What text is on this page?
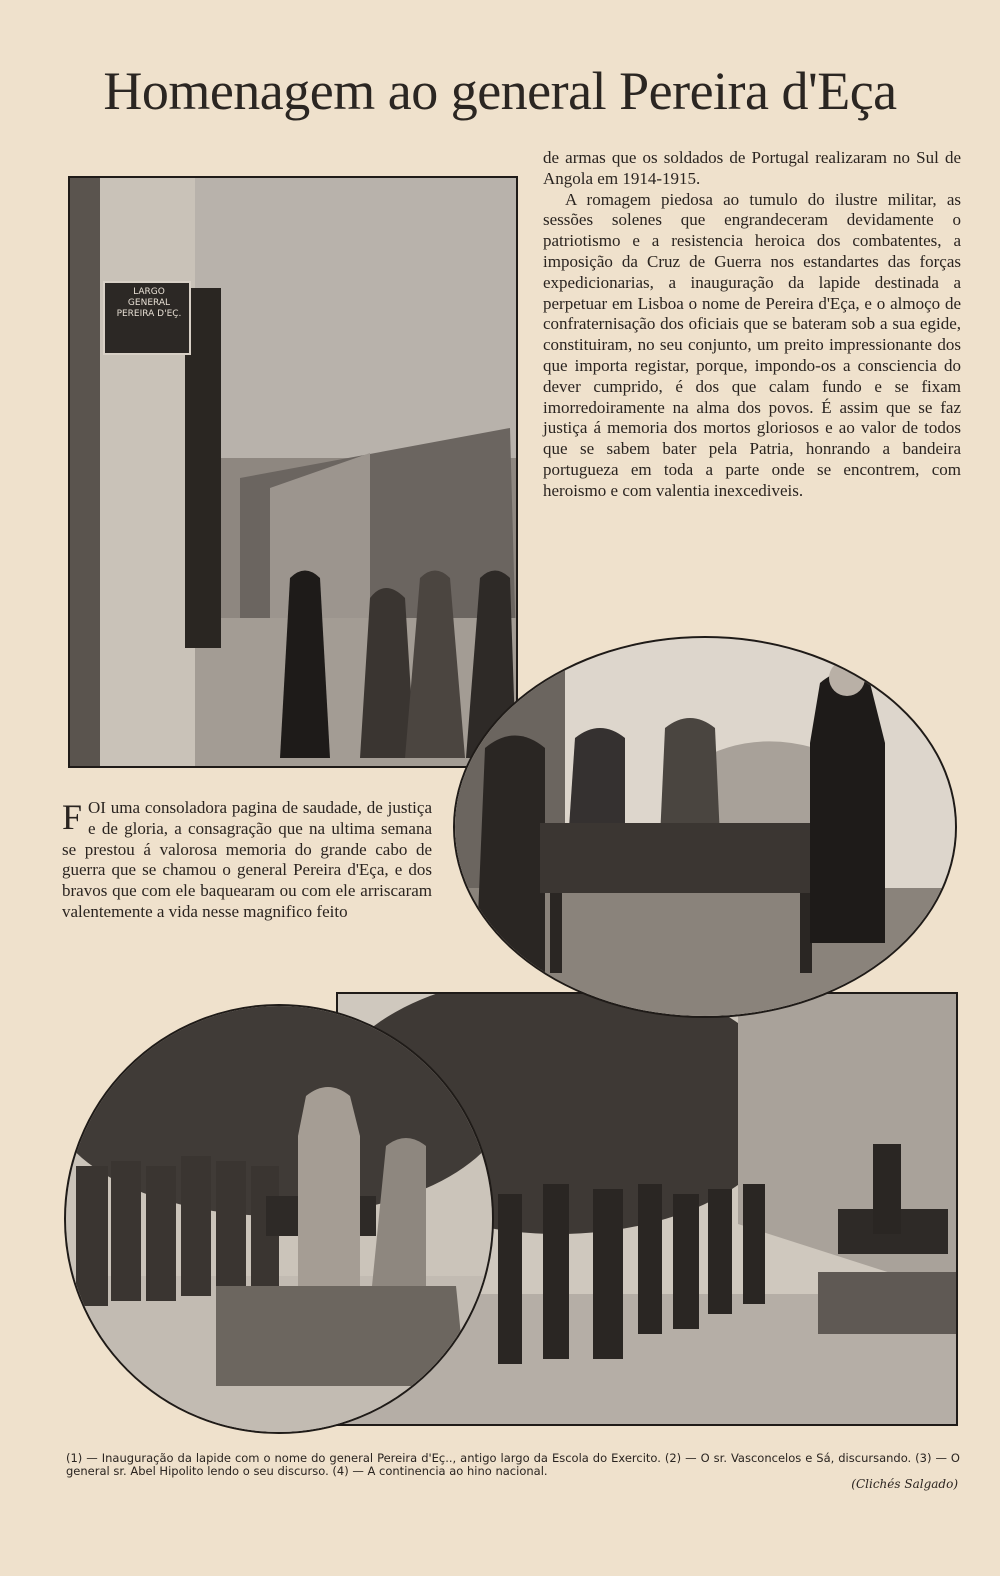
Homenagem ao general Pereira d'Eça

de armas que os soldados de Portugal realizaram no Sul de Angola em 1914-1915.

A romagem piedosa ao tumulo do ilustre militar, as sessões solenes que engrandeceram devidamente o patriotismo e a resistencia heroica dos combatentes, a imposição da Cruz de Guerra nos estandartes das forças expedicionarias, a inauguração da lapide destinada a perpetuar em Lisboa o nome de Pereira d'Eça, e o almoço de confraternisação dos oficiais que se bateram sob a sua egide, constituiram, no seu conjunto, um preito impressionante dos que importa registar, porque, impondo-os a consciencia do dever cumprido, é dos que calam fundo e se fixam imorredoiramente na alma dos povos. É assim que se faz justiça á memoria dos mortos gloriosos e ao valor de todos que se sabem bater pela Patria, honrando a bandeira portugueza em toda a parte onde se encontrem, com heroismo e com valentia inexcediveis.

FOI uma consoladora pagina de saudade, de justiça e de gloria, a consagração que na ultima semana se prestou á valorosa memoria do grande cabo de guerra que se chamou o general Pereira d'Eça, e dos bravos que com ele baquearam ou com ele arriscaram valentemente a vida nesse magnifico feito
LARGO
GENERAL
PEREIRA D'EÇ.
(1) — Inauguração da lapide com o nome do general Pereira d'Eç.., antigo largo da Escola do Exercito. (2) — O sr. Vasconcelos e Sá, discursando. (3) — O general sr. Abel Hipolito lendo o seu discurso. (4) — A continencia ao hino nacional.
(Clichés Salgado)
